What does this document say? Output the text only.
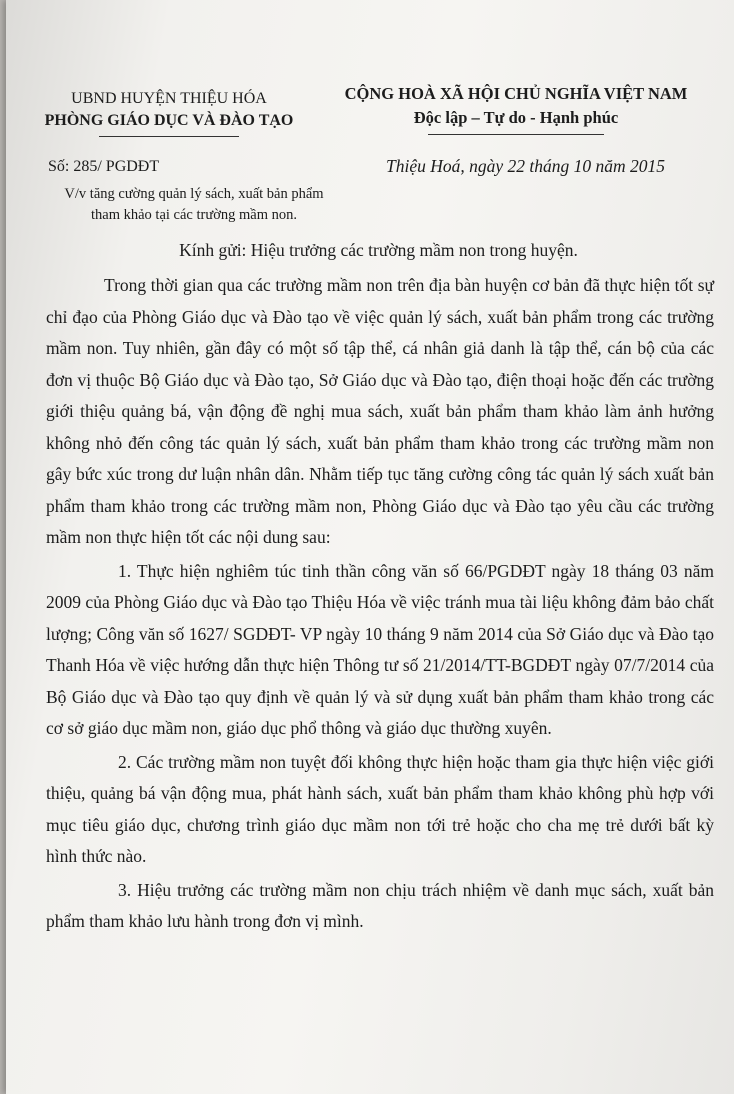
UBND HUYỆN THIỆU HÓA
PHÒNG GIÁO DỤC VÀ ĐÀO TẠO
CỘNG HOÀ XÃ HỘI CHỦ NGHĨA VIỆT NAM
Độc lập – Tự do - Hạnh phúc
Số: 285/ PGDĐT
V/v tăng cường quản lý sách, xuất bản phẩm
tham khảo tại các trường mầm non.
Thiệu Hoá, ngày 22 tháng 10 năm 2015
Kính gửi: Hiệu trưởng các trường mầm non trong huyện.

Trong thời gian qua các trường mầm non trên địa bàn huyện cơ bản đã thực hiện tốt sự chỉ đạo của Phòng Giáo dục và Đào tạo về việc quản lý sách, xuất bản phẩm trong các trường mầm non. Tuy nhiên, gần đây có một số tập thể, cá nhân giả danh là tập thể, cán bộ của các đơn vị thuộc Bộ Giáo dục và Đào tạo, Sở Giáo dục và Đào tạo, điện thoại hoặc đến các trường giới thiệu quảng bá, vận động đề nghị mua sách, xuất bản phẩm tham khảo làm ảnh hưởng không nhỏ đến công tác quản lý sách, xuất bản phẩm tham khảo trong các trường mầm non gây bức xúc trong dư luận nhân dân. Nhằm tiếp tục tăng cường công tác quản lý sách xuất bản phẩm tham khảo trong các trường mầm non, Phòng Giáo dục và Đào tạo yêu cầu các trường mầm non thực hiện tốt các nội dung sau:

1. Thực hiện nghiêm túc tinh thần công văn số 66/PGDĐT ngày 18 tháng 03 năm 2009 của Phòng Giáo dục và Đào tạo Thiệu Hóa về việc tránh mua tài liệu không đảm bảo chất lượng; Công văn số 1627/ SGDĐT- VP ngày 10 tháng 9 năm 2014 của Sở Giáo dục và Đào tạo Thanh Hóa về việc hướng dẫn thực hiện Thông tư số 21/2014/TT-BGDĐT ngày 07/7/2014 của Bộ Giáo dục và Đào tạo quy định về quản lý và sử dụng xuất bản phẩm tham khảo trong các cơ sở giáo dục mầm non, giáo dục phổ thông và giáo dục thường xuyên.

2. Các trường mầm non tuyệt đối không thực hiện hoặc tham gia thực hiện việc giới thiệu, quảng bá vận động mua, phát hành sách, xuất bản phẩm tham khảo không phù hợp với mục tiêu giáo dục, chương trình giáo dục mầm non tới trẻ hoặc cho cha mẹ trẻ dưới bất kỳ hình thức nào.

3. Hiệu trưởng các trường mầm non chịu trách nhiệm về danh mục sách, xuất bản phẩm tham khảo lưu hành trong đơn vị mình.
